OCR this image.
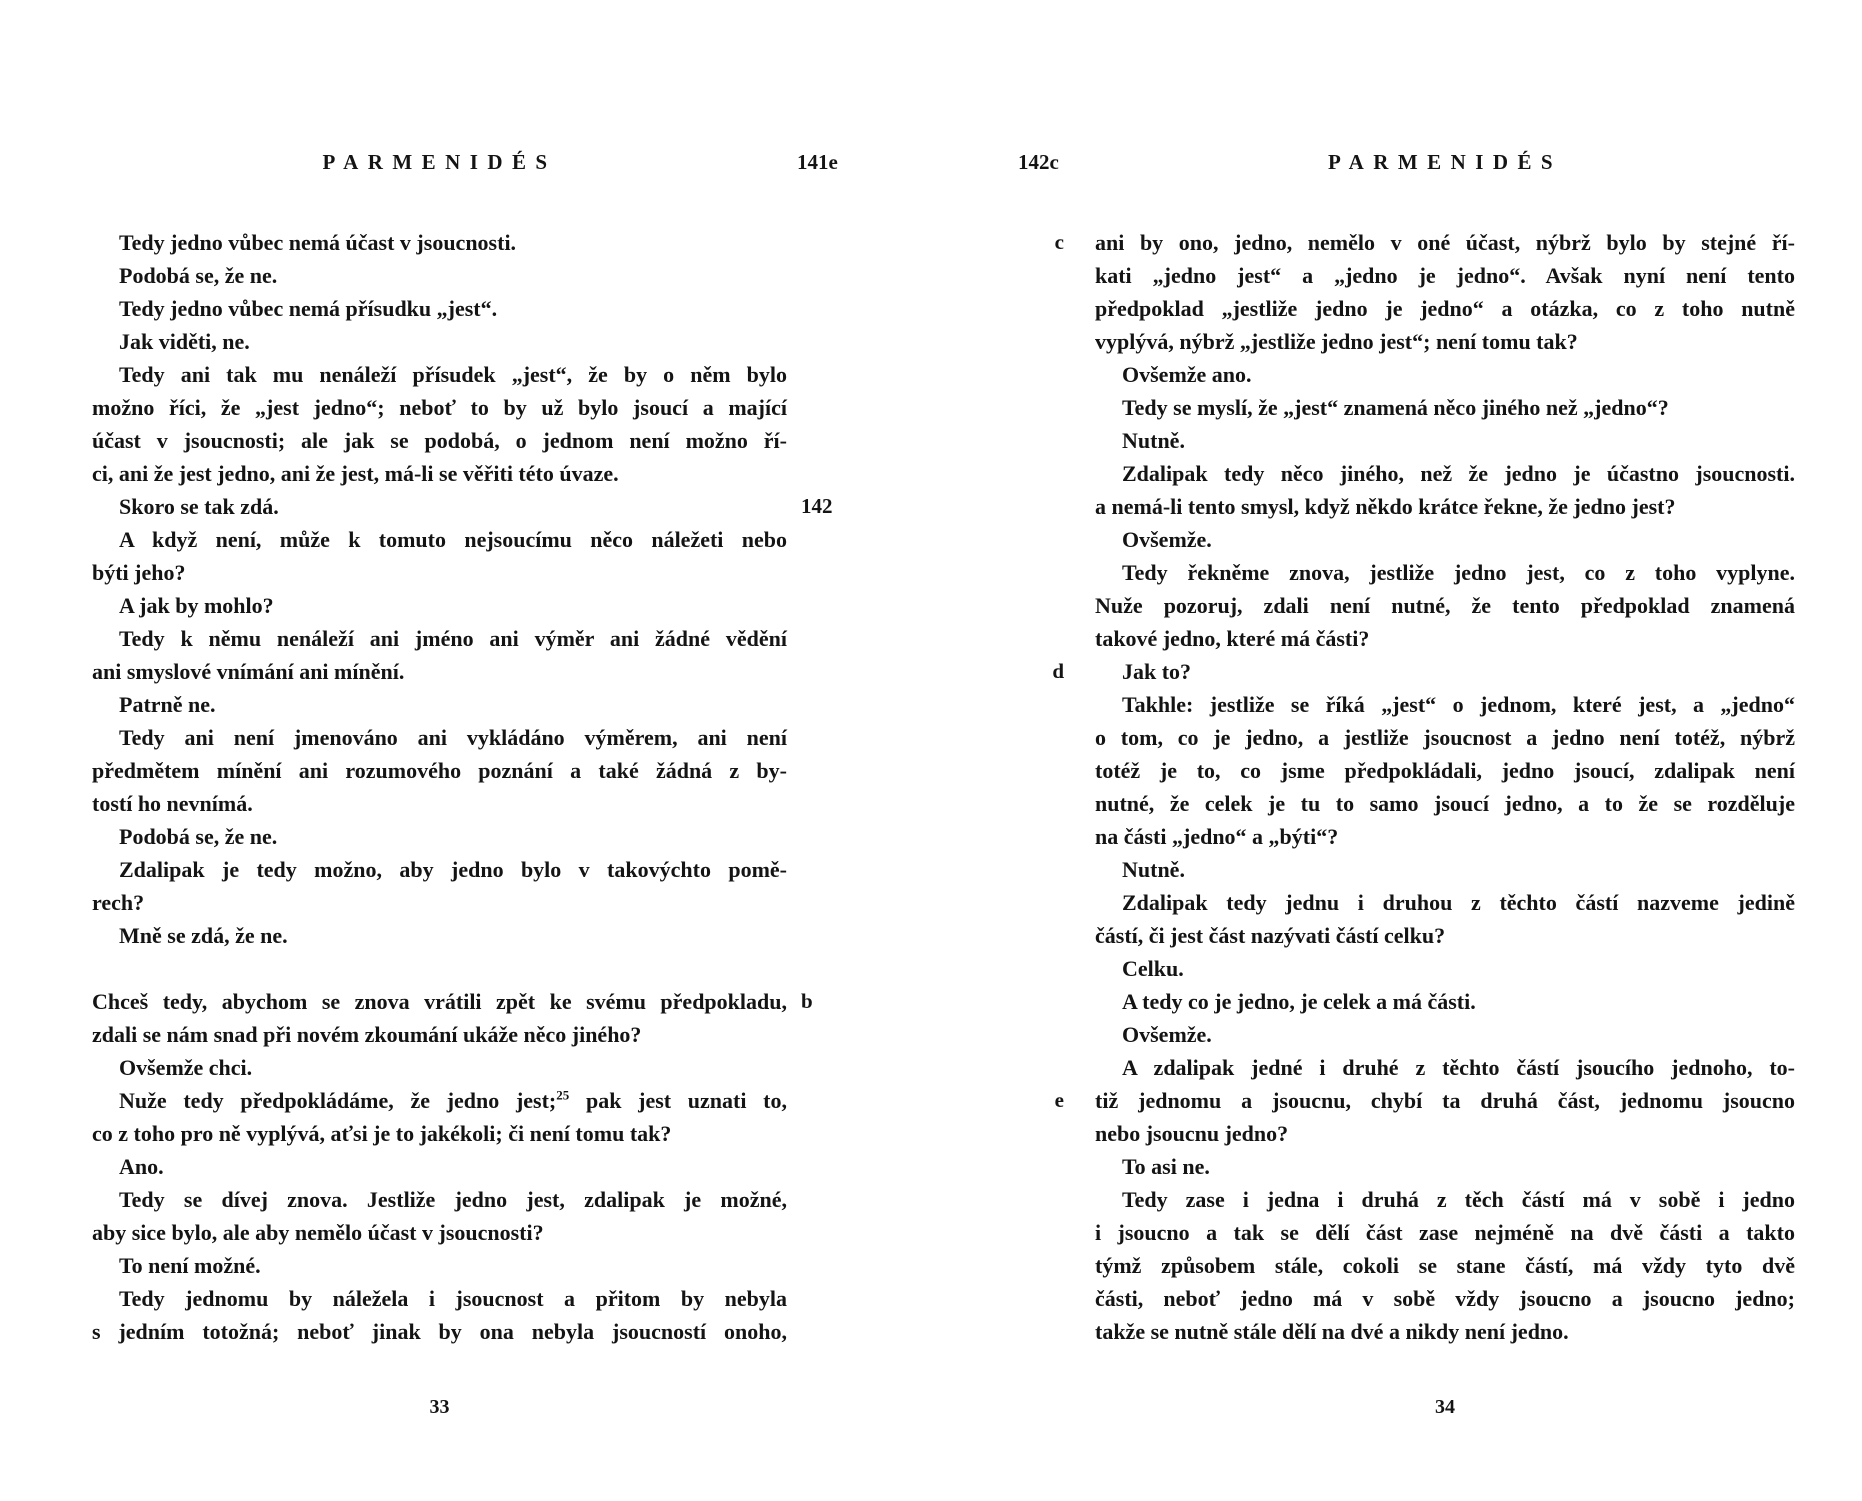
PARMENIDÉS	141e
Tedy jedno vůbec nemá účast v jsoucnosti.
Podobá se, že ne.
Tedy jedno vůbec nemá přísudku „jest“.
Jak viděti, ne.
Tedy ani tak mu nenáleží přísudek „jest“, že by o něm bylo
možno říci, že „jest jedno“; neboť to by už bylo jsoucí a mající
účast v jsoucnosti; ale jak se podobá, o jednom není možno ří-
ci, ani že jest jedno, ani že jest, má-li se věřiti této úvaze.
Skoro se tak zdá.	142
A když není, může k tomuto nejsoucímu něco náležeti nebo
býti jeho?
A jak by mohlo?
Tedy k němu nenáleží ani jméno ani výměr ani žádné vědění
ani smyslové vnímání ani mínění.
Patrně ne.
Tedy ani není jmenováno ani vykládáno výměrem, ani není
předmětem mínění ani rozumového poznání a také žádná z by-
tostí ho nevnímá.
Podobá se, že ne.
Zdalipak je tedy možno, aby jedno bylo v takovýchto pomě-
rech?
Mně se zdá, že ne.
Chceš tedy, abychom se znova vrátili zpět ke svému předpokladu, b
zdali se nám snad při novém zkoumání ukáže něco jiného?
Ovšemže chci.
Nuže tedy předpokládáme, že jedno jest;$^{25}$ pak jest uznati to,
co z toho pro ně vyplývá, aťsi je to jakékoli; či není tomu tak?
Ano.
Tedy se dívej znova. Jestliže jedno jest, zdalipak je možné,
aby sice bylo, ale aby nemělo účast v jsoucnosti?
To není možné.
Tedy jednomu by náležela i jsoucnost a přitom by nebyla
s jedním totožná; neboť jinak by ona nebyla jsoucností onoho,
33
142c	PARMENIDÉS
ani by ono, jedno, nemělo v oné účast, nýbrž bylo by stejné ří-
c
kati „jedno jest“ a „jedno je jedno“. Avšak nyní není tento
předpoklad „jestliže jedno je jedno“ a otázka, co z toho nutně
vyplývá, nýbrž „jestliže jedno jest“; není tomu tak?
Ovšemže ano.
Tedy se myslí, že „jest“ znamená něco jiného než „jedno“?
Nutně.
Zdalipak tedy něco jiného, než že jedno je účastno jsoucnosti.
a nemá-li tento smysl, když někdo krátce řekne, že jedno jest?
Ovšemže.
Tedy řekněme znova, jestliže jedno jest, co z toho vyplyne.
Nuže pozoruj, zdali není nutné, že tento předpoklad znamená
takové jedno, které má části?
Jak to?
d
Takhle: jestliže se říká „jest“ o jednom, které jest, a „jedno“
o tom, co je jedno, a jestliže jsoucnost a jedno není totéž, nýbrž
totéž je to, co jsme předpokládali, jedno jsoucí, zdalipak není
nutné, že celek je tu to samo jsoucí jedno, a to že se rozděluje
na části „jedno“ a „býti“?
Nutně.
Zdalipak tedy jednu i druhou z těchto částí nazveme jedině
částí, či jest část nazývati částí celku?
Celku.
A tedy co je jedno, je celek a má části.
Ovšemže.
A zdalipak jedné i druhé z těchto částí jsoucího jednoho, to-
tiž jednomu a jsoucnu, chybí ta druhá část, jednomu jsoucno
e
nebo jsoucnu jedno?
To asi ne.
Tedy zase i jedna i druhá z těch částí má v sobě i jedno
i jsoucno a tak se dělí část zase nejméně na dvě části a takto
týmž způsobem stále, cokoli se stane částí, má vždy tyto dvě
části, neboť jedno má v sobě vždy jsoucno a jsoucno jedno;
takže se nutně stále dělí na dvé a nikdy není jedno.
34
